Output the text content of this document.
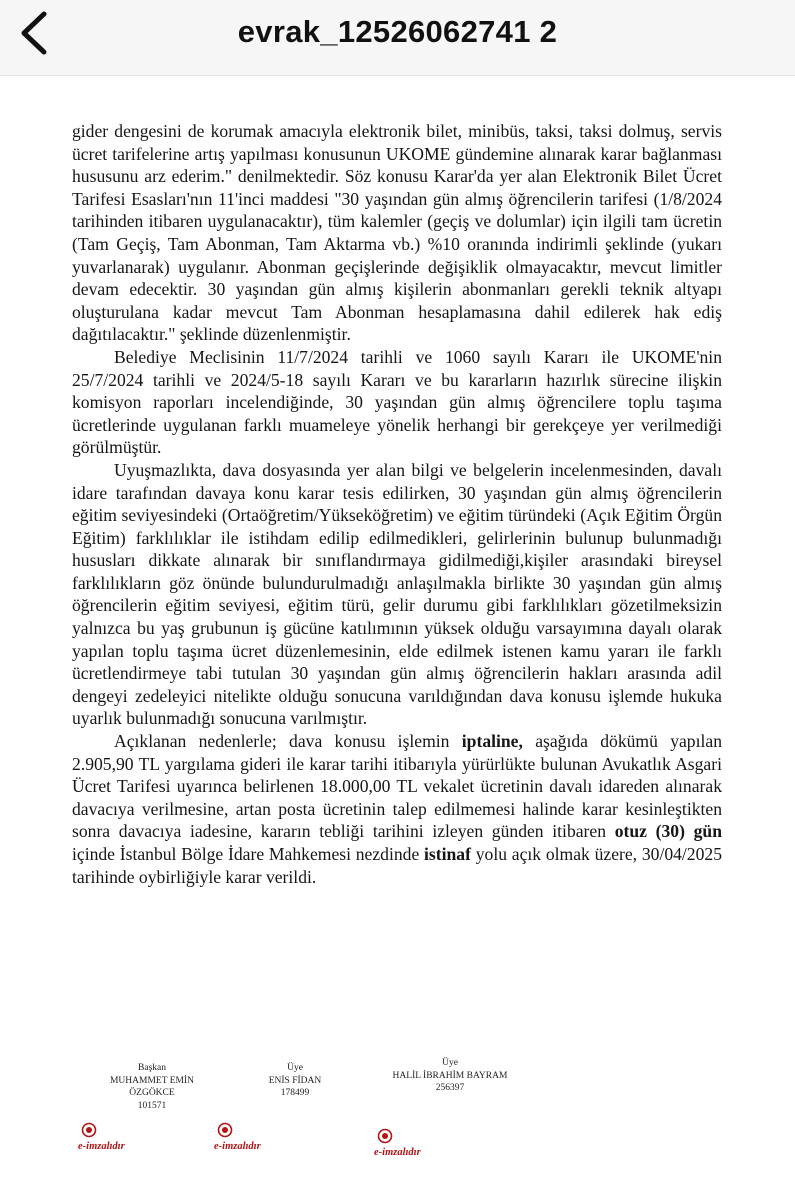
evrak_12526062741 2

gider dengesini de korumak amacıyla elektronik bilet, minibüs, taksi, taksi dolmuş, servis ücret tarifelerine artış yapılması konusunun UKOME gündemine alınarak karar bağlanması hususunu arz ederim." denilmektedir. Söz konusu Karar'da yer alan Elektronik Bilet Ücret Tarifesi Esasları'nın 11'inci maddesi "30 yaşından gün almış öğrencilerin tarifesi (1/8/2024 tarihinden itibaren uygulanacaktır), tüm kalemler (geçiş ve dolumlar) için ilgili tam ücretin (Tam Geçiş, Tam Abonman, Tam Aktarma vb.) %10 oranında indirimli şeklinde (yukarı yuvarlanarak) uygulanır. Abonman geçişlerinde değişiklik olmayacaktır, mevcut limitler devam edecektir. 30 yaşından gün almış kişilerin abonmanları gerekli teknik altyapı oluşturulana kadar mevcut Tam Abonman hesaplamasına dahil edilerek hak ediş dağıtılacaktır." şeklinde düzenlenmiştir.

Belediye Meclisinin 11/7/2024 tarihli ve 1060 sayılı Kararı ile UKOME'nin 25/7/2024 tarihli ve 2024/5-18 sayılı Kararı ve bu kararların hazırlık sürecine ilişkin komisyon raporları incelendiğinde, 30 yaşından gün almış öğrencilere toplu taşıma ücretlerinde uygulanan farklı muameleye yönelik herhangi bir gerekçeye yer verilmediği görülmüştür.

Uyuşmazlıkta, dava dosyasında yer alan bilgi ve belgelerin incelenmesinden, davalı idare tarafından davaya konu karar tesis edilirken, 30 yaşından gün almış öğrencilerin eğitim seviyesindeki (Ortaöğretim/Yükseköğretim) ve eğitim türündeki (Açık Eğitim Örgün Eğitim) farklılıklar ile istihdam edilip edilmedikleri, gelirlerinin bulunup bulunmadığı hususları dikkate alınarak bir sınıflandırmaya gidilmediği,kişiler arasındaki bireysel farklılıkların göz önünde bulundurulmadığı anlaşılmakla birlikte 30 yaşından gün almış öğrencilerin eğitim seviyesi, eğitim türü, gelir durumu gibi farklılıkları gözetilmeksizin yalnızca bu yaş grubunun iş gücüne katılımının yüksek olduğu varsayımına dayalı olarak yapılan toplu taşıma ücret düzenlemesinin, elde edilmek istenen kamu yararı ile farklı ücretlendirmeye tabi tutulan 30 yaşından gün almış öğrencilerin hakları arasında adil dengeyi zedeleyici nitelikte olduğu sonucuna varıldığından dava konusu işlemde hukuka uyarlık bulunmadığı sonucuna varılmıştır.

Açıklanan nedenlerle; dava konusu işlemin iptaline, aşağıda dökümü yapılan 2.905,90 TL yargılama gideri ile karar tarihi itibarıyla yürürlükte bulunan Avukatlık Asgari Ücret Tarifesi uyarınca belirlenen 18.000,00 TL vekalet ücretinin davalı idareden alınarak davacıya verilmesine, artan posta ücretinin talep edilmemesi halinde karar kesinleştikten sonra davacıya iadesine, kararın tebliği tarihini izleyen günden itibaren otuz (30) gün içinde İstanbul Bölge İdare Mahkemesi nezdinde istinaf yolu açık olmak üzere, 30/04/2025 tarihinde oybirliğiyle karar verildi.

Başkan
MUHAMMET EMİN ÖZGÖKCE
101571
Üye
ENİS FİDAN
178499
Üye
HALİL İBRAHİM BAYRAM
256397
e-imzalıdır	e-imzalıdır
e-imzalıdır
